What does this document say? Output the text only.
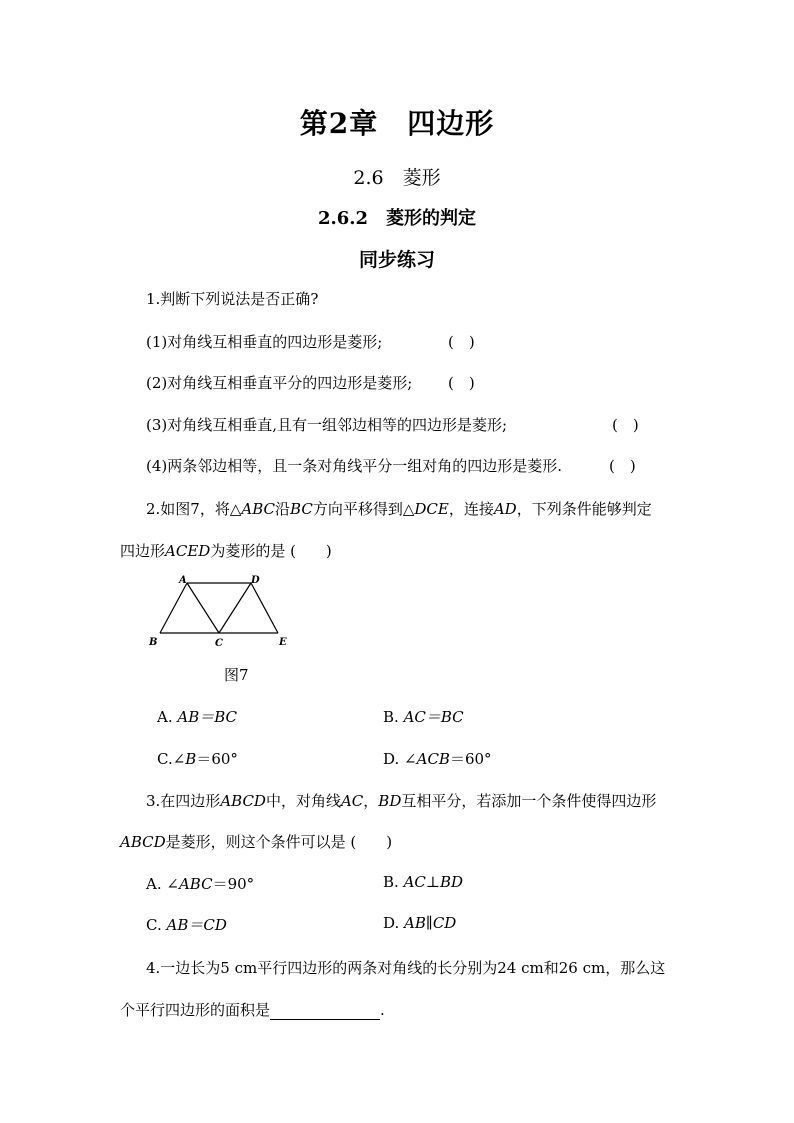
第2章　四边形
2.6　菱形
2.6.2　菱形的判定
同步练习
1.判断下列说法是否正确?
(1)对角线互相垂直的四边形是菱形;	(　)
(2)对角线互相垂直平分的四边形是菱形; (　)
(3)对角线互相垂直,且有一组邻边相等的四边形是菱形;	(　)
(4)两条邻边相等，且一条对角线平分一组对角的四边形是菱形.	(　)
2.如图7，将△ABC沿BC方向平移得到△DCE，连接AD，下列条件能够判定
四边形ACED为菱形的是 (　　)
A	D
B	C	E
图7
A. AB＝BC	B. AC＝BC
C.∠B＝60°	D. ∠ACB＝60°
3.在四边形ABCD中，对角线AC，BD互相平分，若添加一个条件使得四边形
ABCD是菱形，则这个条件可以是 (　　)
A. ∠ABC＝90°	B. AC⊥BD
C. AB＝CD	D. AB∥CD
4.一边长为5 cm平行四边形的两条对角线的长分别为24 cm和26 cm，那么这
个平行四边形的面积是	.
